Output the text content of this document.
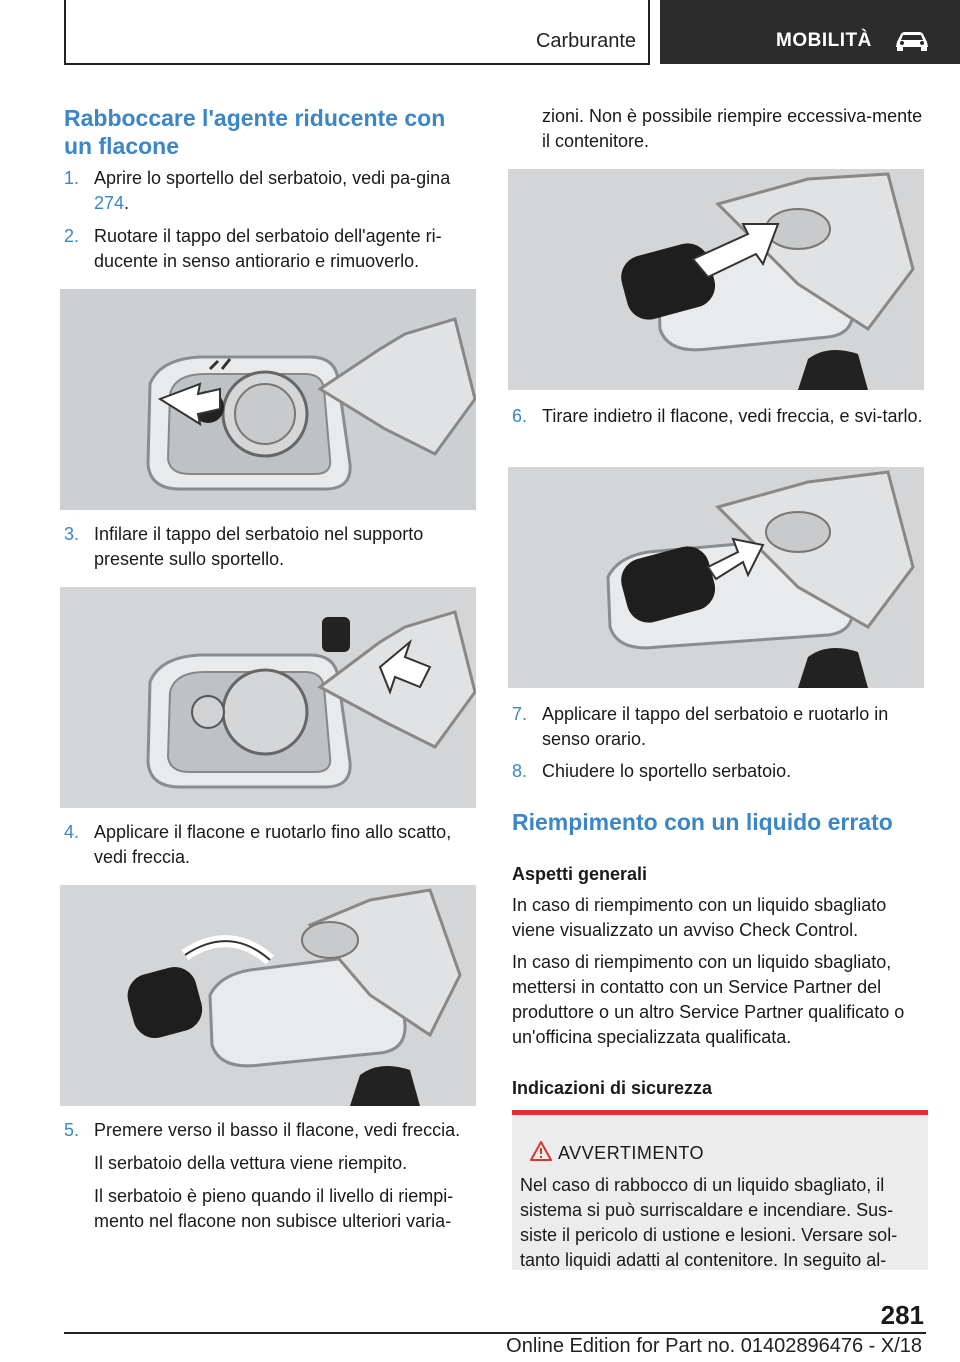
Carburante	MOBILITÀ
Rabboccare l'agente riducente con un flacone
1. Aprire lo sportello del serbatoio, vedi pa-gina 274.
2. Ruotare il tappo del serbatoio dell'agente ri-ducente in senso antiorario e rimuoverlo.
3. Infilare il tappo del serbatoio nel supporto presente sullo sportello.
4. Applicare il flacone e ruotarlo fino allo scatto, vedi freccia.
5. Premere verso il basso il flacone, vedi freccia.
Il serbatoio della vettura viene riempito.
Il serbatoio è pieno quando il livello di riempi-mento nel flacone non subisce ulteriori varia-
zioni. Non è possibile riempire eccessiva-mente il contenitore.
6. Tirare indietro il flacone, vedi freccia, e svi-tarlo.
7. Applicare il tappo del serbatoio e ruotarlo in senso orario.
8. Chiudere lo sportello serbatoio.
Riempimento con un liquido errato
Aspetti generali
In caso di riempimento con un liquido sbagliato viene visualizzato un avviso Check Control.
In caso di riempimento con un liquido sbagliato, mettersi in contatto con un Service Partner del produttore o un altro Service Partner qualificato o un'officina specializzata qualificata.
Indicazioni di sicurezza
AVVERTIMENTO
Nel caso di rabbocco di un liquido sbagliato, il sistema si può surriscaldare e incendiare. Sus-siste il pericolo di ustione e lesioni. Versare sol-tanto liquidi adatti al contenitore. In seguito al-
281
Online Edition for Part no. 01402896476 - X/18
